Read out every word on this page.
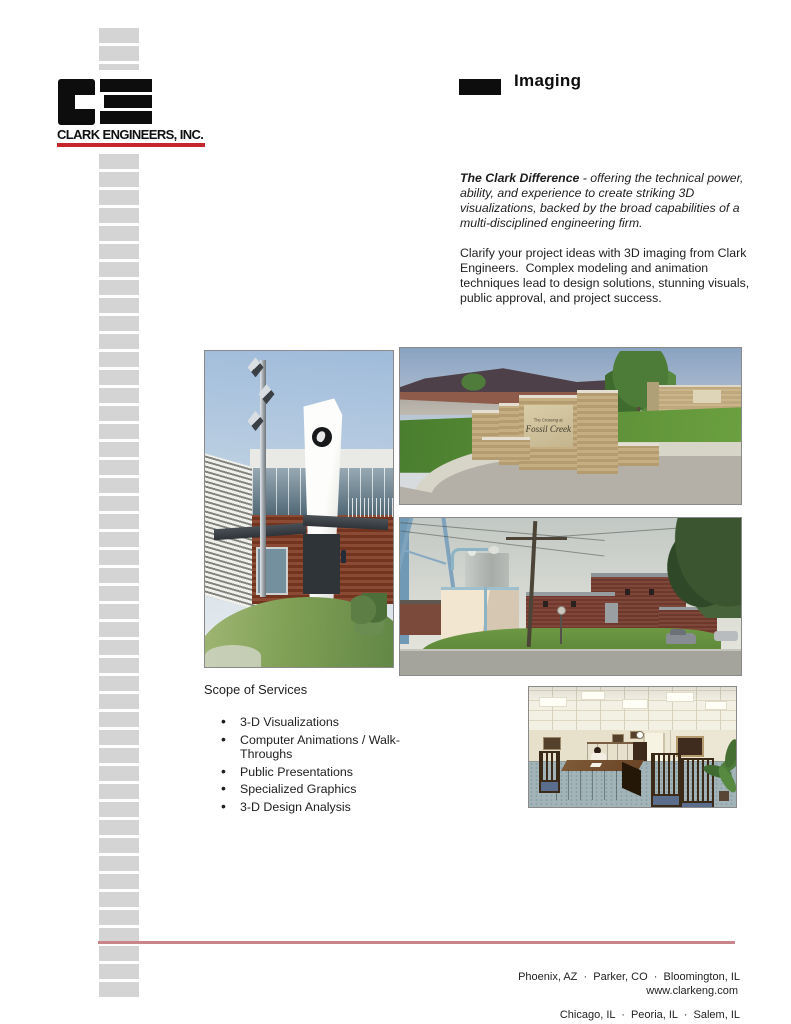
CLARK ENGINEERS, INC.
Imaging

The Clark Difference - offering the technical power, ability, and experience to create striking 3D visualizations, backed by the broad capabilities of a multi-disciplined engineering firm.

Clarify your project ideas with 3D imaging from Clark Engineers.  Complex modeling and animation techniques lead to design solutions, stunning visuals, public approval, and project success.

The Crossing at
Fossil Creek
Scope of Services
• 3-D Visualizations
• Computer Animations / Walk-Throughs
• Public Presentations
• Specialized Graphics
• 3-D Design Analysis

Phoenix, AZ  ·  Parker, CO  ·  Bloomington, IL

Chicago, IL  ·  Peoria, IL  ·  Salem, IL

www.clarkeng.com
